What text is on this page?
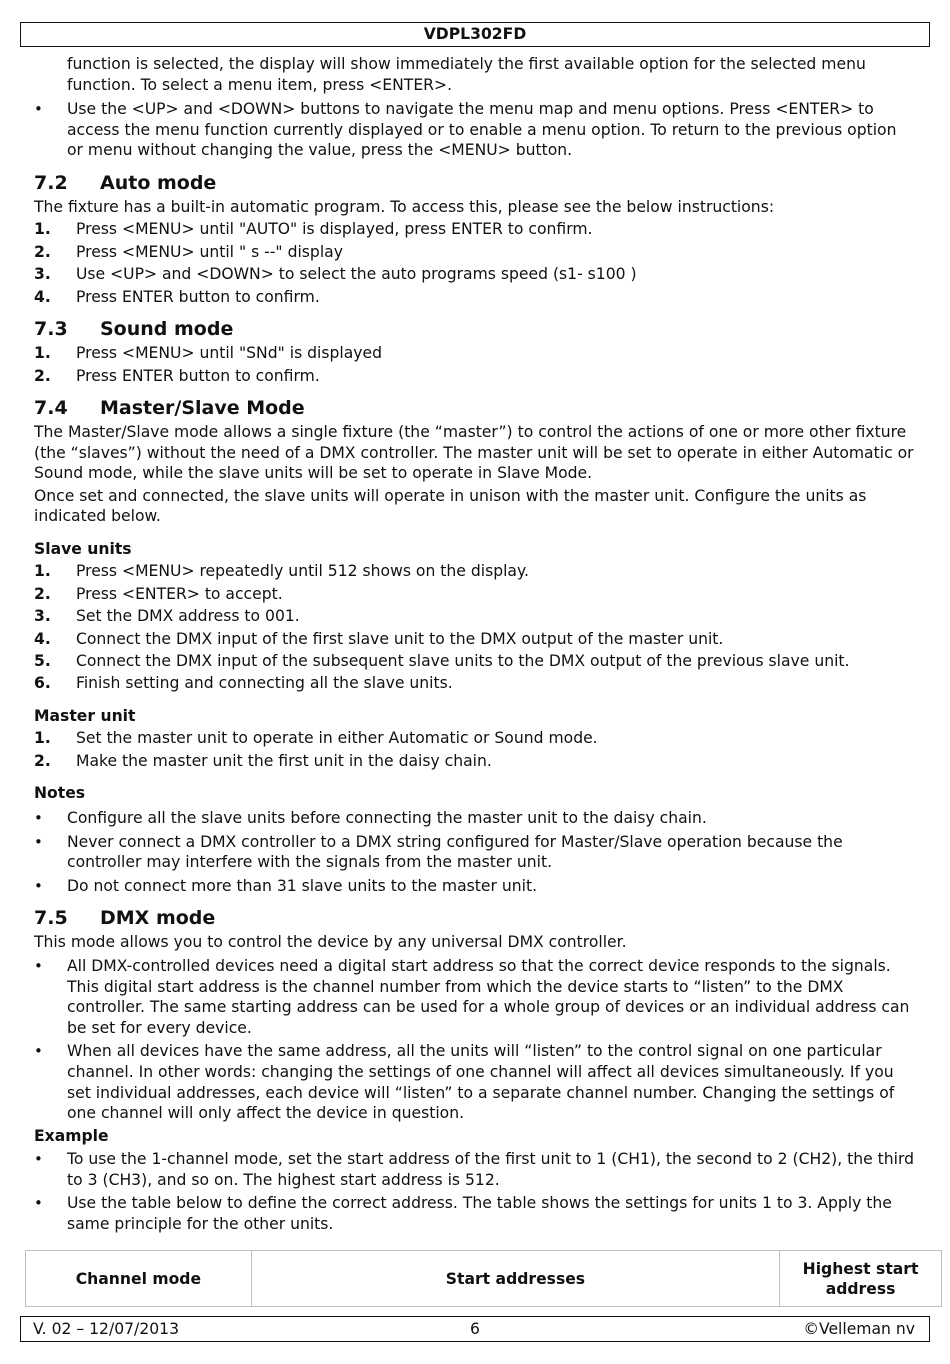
VDPL302FD
function is selected, the display will show immediately the first available option for the selected menu function. To select a menu item, press <ENTER>.
•	Use the <UP> and <DOWN> buttons to navigate the menu map and menu options. Press <ENTER> to access the menu function currently displayed or to enable a menu option. To return to the previous option or menu without changing the value, press the <MENU> button.
7.2 Auto mode
The fixture has a built-in automatic program. To access this, please see the below instructions:
1. Press <MENU> until "AUTO" is displayed, press ENTER to confirm.
2. Press <MENU> until " s --" display
3. Use <UP> and <DOWN> to select the auto programs speed (s1- s100 )
4. Press ENTER button to confirm.
7.3 Sound mode
1. Press <MENU> until "SNd" is displayed
2. Press ENTER button to confirm.
7.4 Master/Slave Mode
The Master/Slave mode allows a single fixture (the “master”) to control the actions of one or more other fixture (the “slaves”) without the need of a DMX controller. The master unit will be set to operate in either Automatic or Sound mode, while the slave units will be set to operate in Slave Mode.
Once set and connected, the slave units will operate in unison with the master unit. Configure the units as indicated below.
Slave units
1. Press <MENU> repeatedly until 512 shows on the display.
2. Press <ENTER> to accept.
3. Set the DMX address to 001.
4. Connect the DMX input of the first slave unit to the DMX output of the master unit.
5. Connect the DMX input of the subsequent slave units to the DMX output of the previous slave unit.
6. Finish setting and connecting all the slave units.
Master unit
1. Set the master unit to operate in either Automatic or Sound mode.
2. Make the master unit the first unit in the daisy chain.
Notes
•	Configure all the slave units before connecting the master unit to the daisy chain.
•	Never connect a DMX controller to a DMX string configured for Master/Slave operation because the controller may interfere with the signals from the master unit.
•	Do not connect more than 31 slave units to the master unit.
7.5 DMX mode
This mode allows you to control the device by any universal DMX controller.
•	All DMX-controlled devices need a digital start address so that the correct device responds to the signals. This digital start address is the channel number from which the device starts to “listen” to the DMX controller. The same starting address can be used for a whole group of devices or an individual address can be set for every device.
•	When all devices have the same address, all the units will “listen” to the control signal on one particular channel. In other words: changing the settings of one channel will affect all devices simultaneously. If you set individual addresses, each device will “listen” to a separate channel number. Changing the settings of one channel will only affect the device in question.
Example
•	To use the 1-channel mode, set the start address of the first unit to 1 (CH1), the second to 2 (CH2), the third to 3 (CH3), and so on. The highest start address is 512.
•	Use the table below to define the correct address. The table shows the settings for units 1 to 3. Apply the same principle for the other units.
Channel mode	Start addresses	Highest start address
V. 02 – 12/07/2013	6	©Velleman nv
